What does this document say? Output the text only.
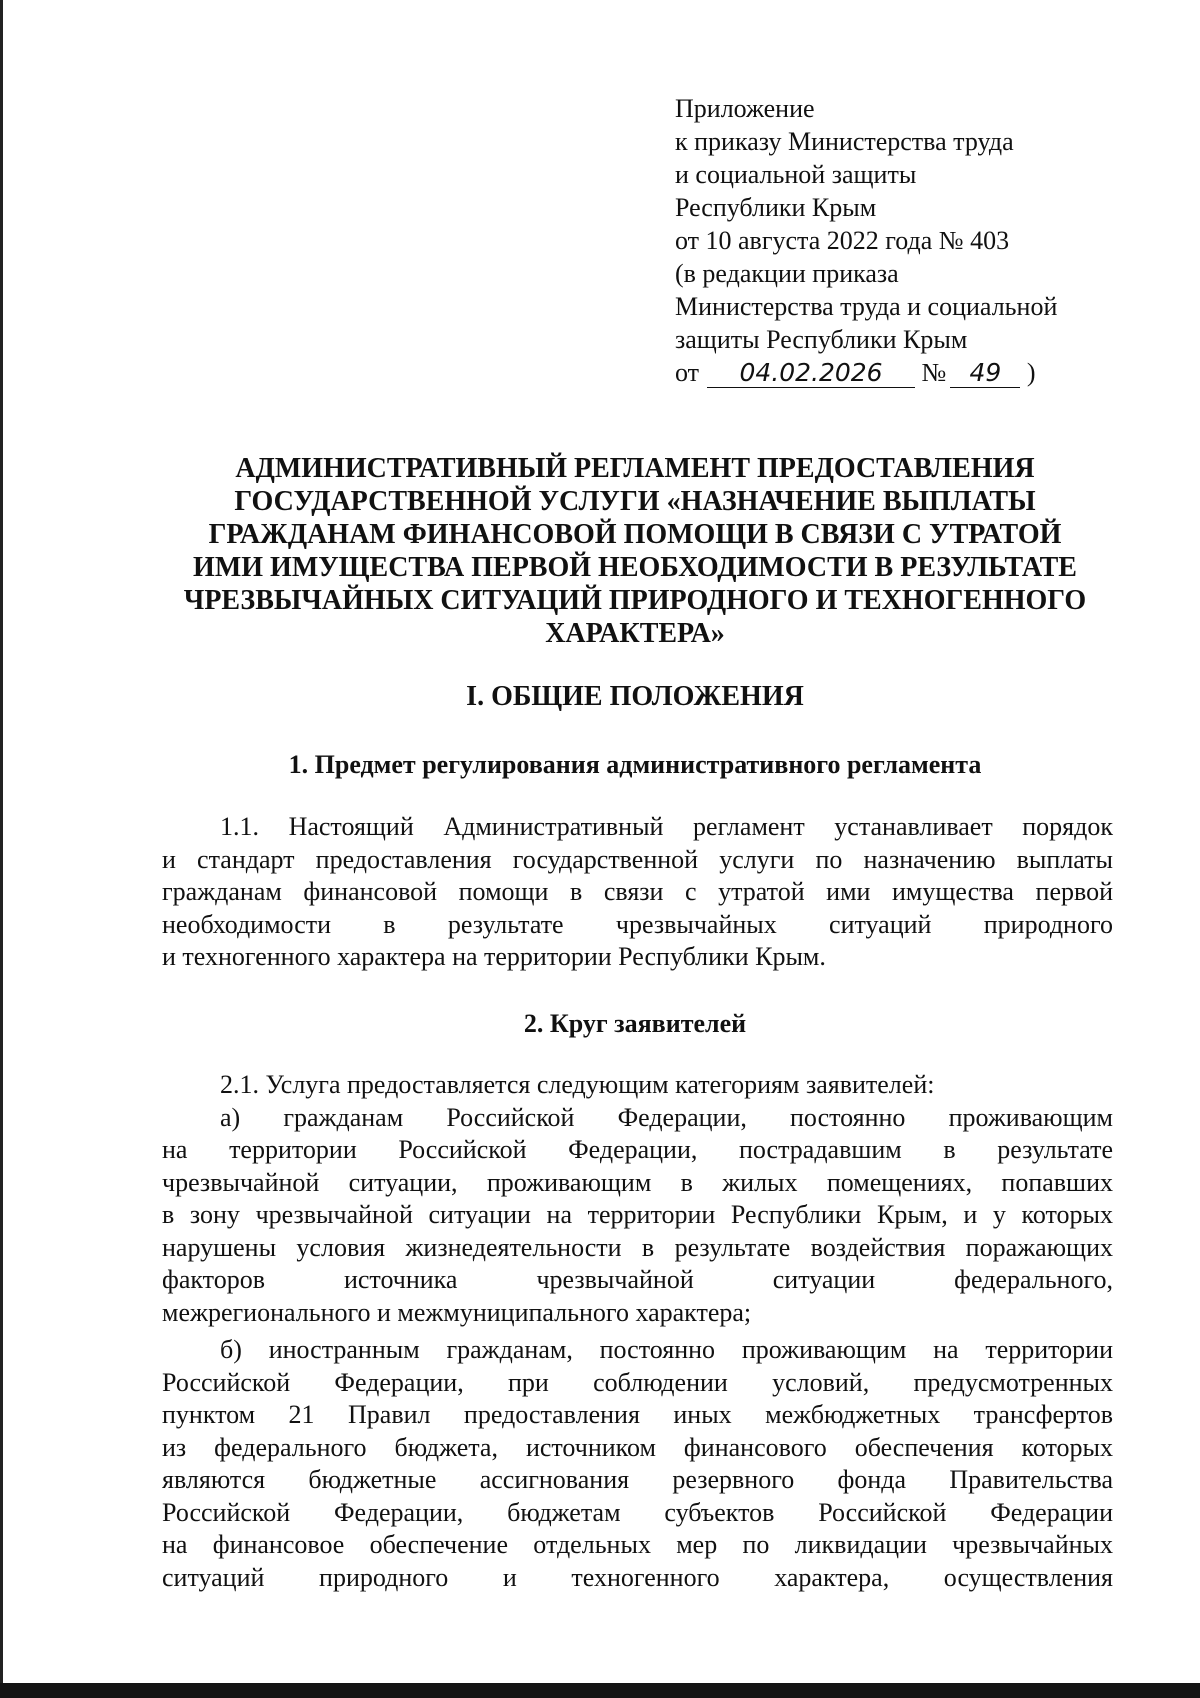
Приложение
к приказу Министерства труда
и социальной защиты
Республики Крым
от 10 августа 2022 года № 403
(в редакции приказа
Министерства труда и социальной
защиты Республики Крым
от 04.02.2026 № 49 )
АДМИНИСТРАТИВНЫЙ РЕГЛАМЕНТ ПРЕДОСТАВЛЕНИЯ
ГОСУДАРСТВЕННОЙ УСЛУГИ «НАЗНАЧЕНИЕ ВЫПЛАТЫ
ГРАЖДАНАМ ФИНАНСОВОЙ ПОМОЩИ В СВЯЗИ С УТРАТОЙ
ИМИ ИМУЩЕСТВА ПЕРВОЙ НЕОБХОДИМОСТИ В РЕЗУЛЬТАТЕ
ЧРЕЗВЫЧАЙНЫХ СИТУАЦИЙ ПРИРОДНОГО И ТЕХНОГЕННОГО
ХАРАКТЕРА»
I. ОБЩИЕ ПОЛОЖЕНИЯ
1. Предмет регулирования административного регламента
1.1. Настоящий Административный регламент устанавливает порядок
и стандарт предоставления государственной услуги по назначению выплаты
гражданам финансовой помощи в связи с утратой ими имущества первой
необходимости в результате чрезвычайных ситуаций природного
и техногенного характера на территории Республики Крым.
2. Круг заявителей
2.1. Услуга предоставляется следующим категориям заявителей:
а) гражданам Российской Федерации, постоянно проживающим
на территории Российской Федерации, пострадавшим в результате
чрезвычайной ситуации, проживающим в жилых помещениях, попавших
в зону чрезвычайной ситуации на территории Республики Крым, и у которых
нарушены условия жизнедеятельности в результате воздействия поражающих
факторов источника чрезвычайной ситуации федерального,
межрегионального и межмуниципального характера;
б) иностранным гражданам, постоянно проживающим на территории
Российской Федерации, при соблюдении условий, предусмотренных
пунктом 21 Правил предоставления иных межбюджетных трансфертов
из федерального бюджета, источником финансового обеспечения которых
являются бюджетные ассигнования резервного фонда Правительства
Российской Федерации, бюджетам субъектов Российской Федерации
на финансовое обеспечение отдельных мер по ликвидации чрезвычайных
ситуаций природного и техногенного характера, осуществления
